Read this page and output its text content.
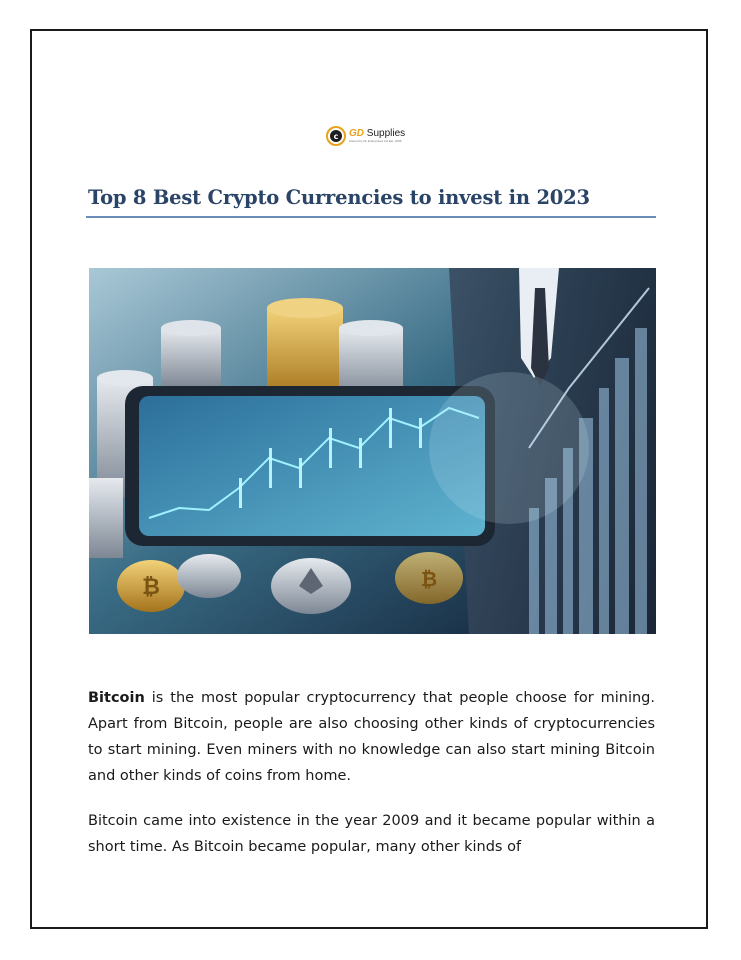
c	GD Supplies
Owned by DL Enterprises Ltd Est. 2006
Top 8 Best Crypto Currencies to invest in 2023
₿	₿

Bitcoin is the most popular cryptocurrency that people choose for mining. Apart from Bitcoin, people are also choosing other kinds of cryptocurrencies to start mining. Even miners with no knowledge can also start mining Bitcoin and other kinds of coins from home.

Bitcoin came into existence in the year 2009 and it became popular within a short time. As Bitcoin became popular, many other kinds of
